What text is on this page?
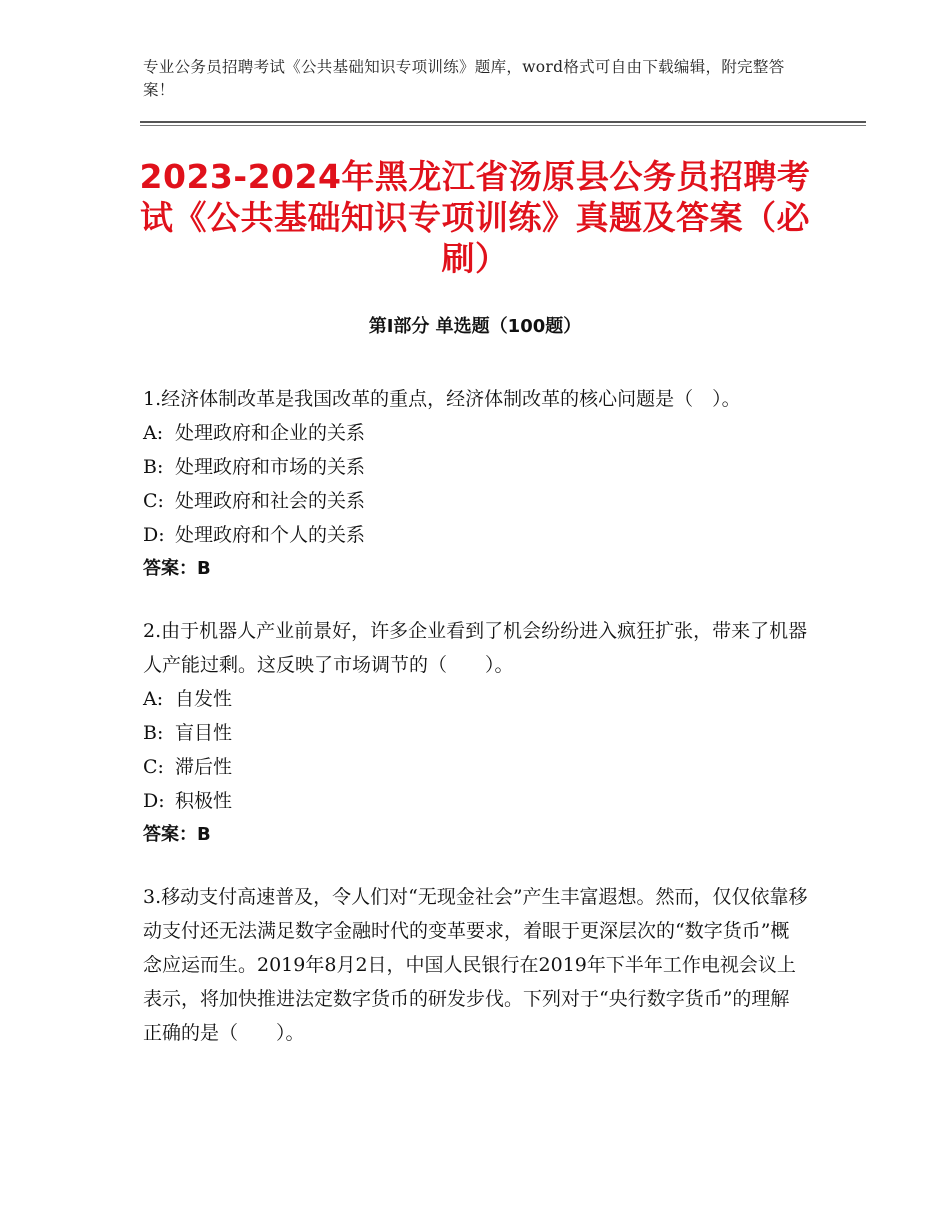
专业公务员招聘考试《公共基础知识专项训练》题库，word格式可自由下载编辑，附完整答案！
2023-2024年黑龙江省汤原县公务员招聘考试《公共基础知识专项训练》真题及答案（必刷）
第Ⅰ部分 单选题（100题）

1.经济体制改革是我国改革的重点，经济体制改革的核心问题是（　）。

A: 处理政府和企业的关系

B: 处理政府和市场的关系

C: 处理政府和社会的关系

D: 处理政府和个人的关系

答案：B

2.由于机器人产业前景好，许多企业看到了机会纷纷进入疯狂扩张，带来了机器人产能过剩。这反映了市场调节的（　　）。

A: 自发性

B: 盲目性

C: 滞后性

D: 积极性

答案：B

3.移动支付高速普及，令人们对“无现金社会”产生丰富遐想。然而，仅仅依靠移动支付还无法满足数字金融时代的变革要求，着眼于更深层次的“数字货币”概念应运而生。2019年8月2日，中国人民银行在2019年下半年工作电视会议上表示，将加快推进法定数字货币的研发步伐。下列对于“央行数字货币”的理解正确的是（　　）。
